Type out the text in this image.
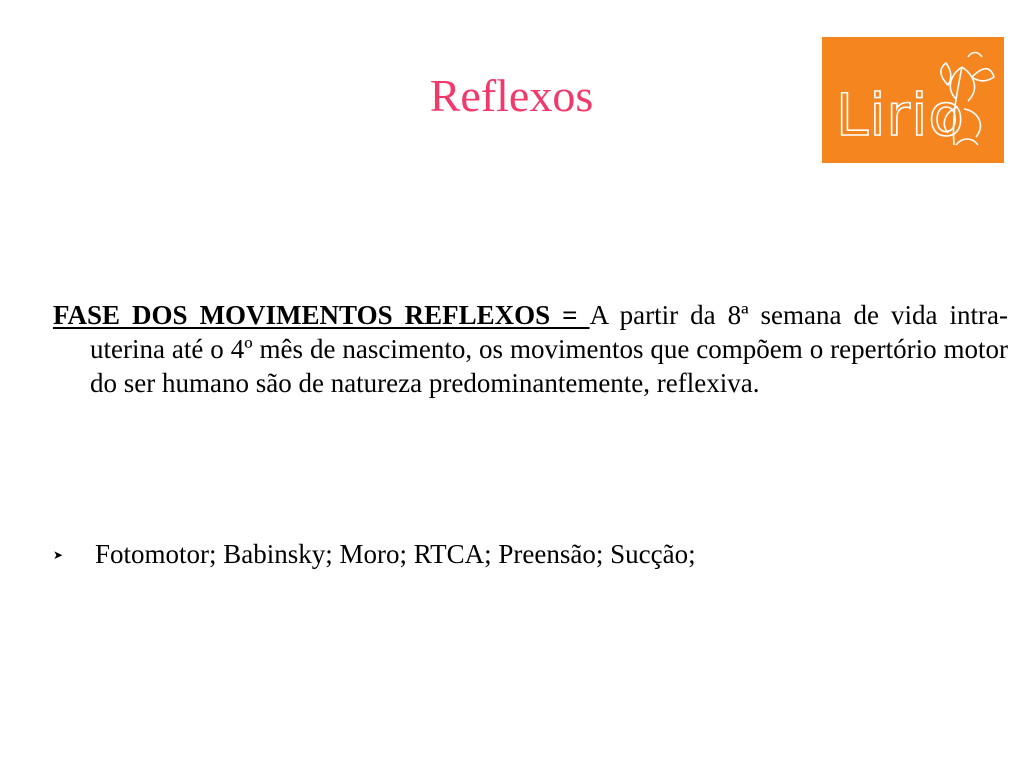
Reflexos	Lirio

FASE DOS MOVIMENTOS REFLEXOS = A partir da 8ª semana de vida intra-uterina até o 4º mês de nascimento, os movimentos que compõem o repertório motor do ser humano são de natureza predominantemente, reflexiva.

➤	Fotomotor; Babinsky; Moro; RTCA; Preensão; Sucção;
